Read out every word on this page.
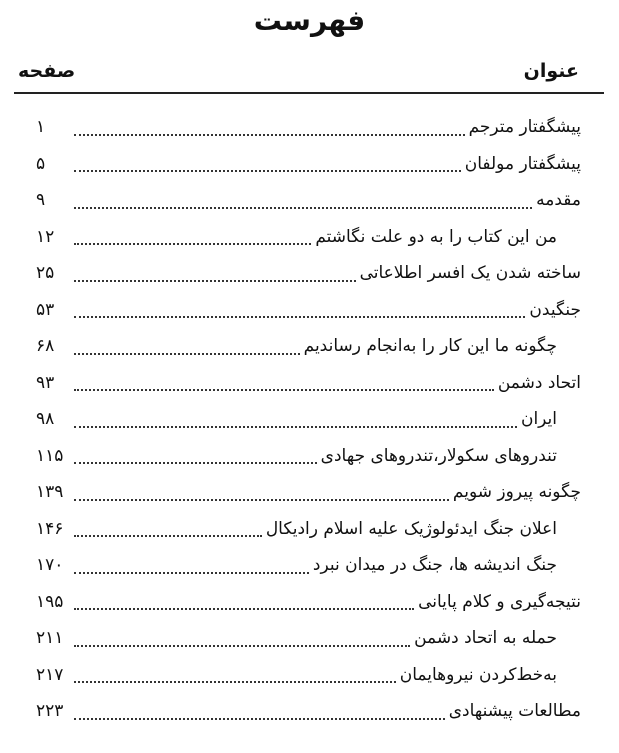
فهرست
عنوان
صفحه
پیشگفتار مترجم
۱
پیشگفتار مولفان
۵
مقدمه
۹
من این کتاب را به دو علت نگاشتم
۱۲
ساخته شدن یک افسر اطلاعاتی
۲۵
جنگیدن
۵۳
چگونه ما این کار را به‌انجام رساندیم
۶۸
اتحاد دشمن
۹۳
ایران
۹۸
تندروهای سکولار،تندروهای جهادی
۱۱۵
چگونه پیروز شویم
۱۳۹
اعلان جنگ ایدئولوژیک علیه اسلام رادیکال
۱۴۶
جنگ اندیشه ها، جنگ در میدان نبرد
۱۷۰
نتیجه‌گیری و کلام پایانی
۱۹۵
حمله به اتحاد دشمن
۲۱۱
به‌خط‌کردن نیروهایمان
۲۱۷
مطالعات پیشنهادی
۲۲۳
